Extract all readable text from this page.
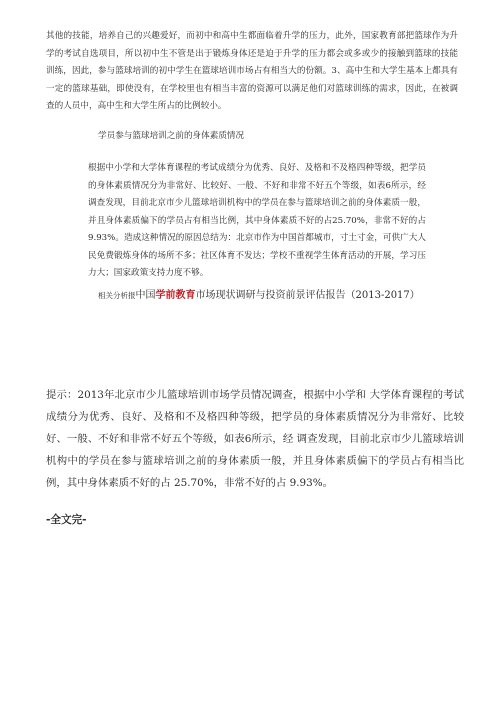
其他的技能，培养自己的兴趣爱好，而初中和高中生都面临着升学的压力，此外，国家教育部把篮球作为升学的考试自选项目，所以初中生不管是出于锻炼身体还是迫于升学的压力都会或多或少的接触到篮球的技能训练，因此，参与篮球培训的初中学生在篮球培训市场占有相当大的份额。3、高中生和大学生基本上都具有一定的篮球基础，即使没有，在学校里也有相当丰富的资源可以满足他们对篮球训练的需求，因此，在被调查的人员中，高中生和大学生所占的比例较小。

学员参与篮球培训之前的身体素质情况

根据中小学和大学体育课程的考试成绩分为优秀、良好、及格和不及格四种等级，把学员的身体素质情况分为非常好、比较好、一般、不好和非常不好五个等级，如表6所示，经调查发现，目前北京市少儿篮球培训机构中的学员在参与篮球培训之前的身体素质一般，并且身体素质偏下的学员占有相当比例，其中身体素质不好的占25.70%，非常不好的占9.93%。造成这种情况的原因总结为：北京市作为中国首都城市，寸土寸金，可供广大人民免费锻炼身体的场所不多；社区体育不发达；学校不重视学生体育活动的开展，学习压力大；国家政策支持力度不够。

相关分析报中国学前教育市场现状调研与投资前景评估报告（2013-2017）

提示：2013年北京市少儿篮球培训市场学员情况调查，根据中小学和 大学体育课程的考试成绩分为优秀、良好、及格和不及格四种等级，把学员的身体素质情况分为非常好、比较好、一般、不好和非常不好五个等级，如表6所示，经 调查发现，目前北京市少儿篮球培训机构中的学员在参与篮球培训之前的身体素质一般，并且身体素质偏下的学员占有相当比例，其中身体素质不好的占 25.70%，非常不好的占 9.93%。

-全文完-
